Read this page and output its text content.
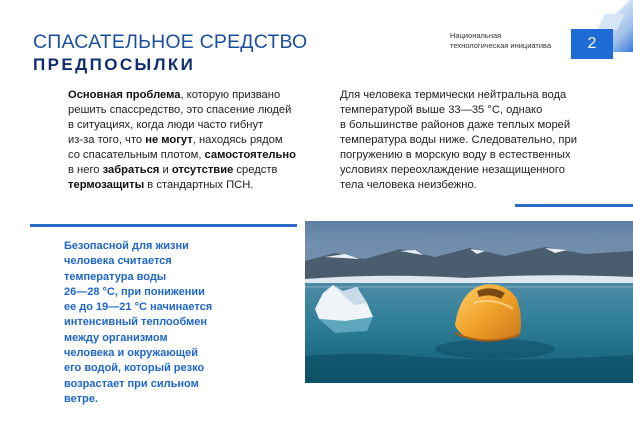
СПАСАТЕЛЬНОЕ СРЕДСТВО
ПРЕДПОСЫЛКИ
Национальная
технологическая инициатива	2
Основная проблема, которую призвано
решить спассредство, это спасение людей
в ситуациях, когда люди часто гибнут
из-за того, что не могут, находясь рядом
со спасательным плотом, самостоятельно
в него забраться и отсутствие средств
термозащиты в стандартных ПСН.
Для человека термически нейтральна вода
температурой выше 33—35 °С, однако
в большинстве районов даже теплых морей
температура воды ниже. Следовательно, при
погружению в морскую воду в естественных
условиях переохлаждение незащищенного
тела человека неизбежно.
Безопасной для жизни
человека считается
температура воды
26—28 °С, при понижении
ее до 19—21 °С начинается
интенсивный теплообмен
между организмом
человека и окружающей
его водой, который резко
возрастает при сильном
ветре.
